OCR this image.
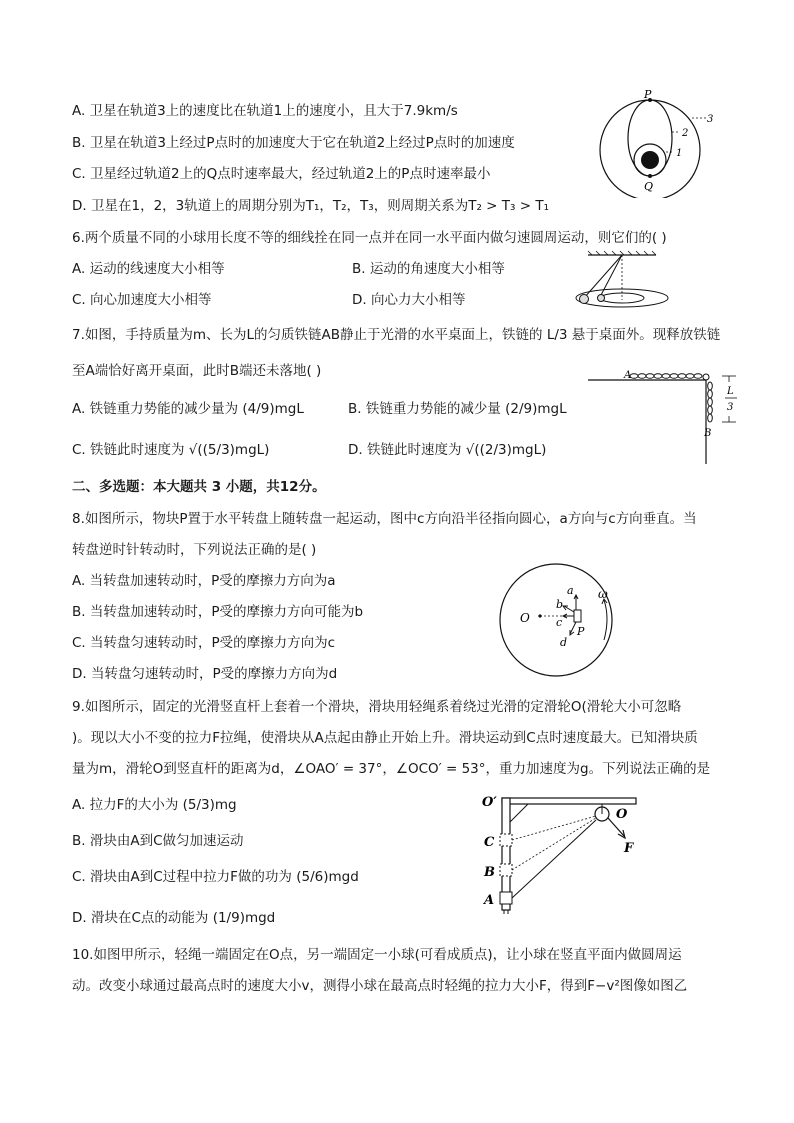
A. 卫星在轨道3上的速度比在轨道1上的速度小，且大于7.9km/s
B. 卫星在轨道3上经过P点时的加速度大于它在轨道2上经过P点时的加速度
C. 卫星经过轨道2上的Q点时速率最大，经过轨道2上的P点时速率最小
D. 卫星在1，2，3轨道上的周期分别为T₁，T₂，T₃，则周期关系为T₂ > T₃ > T₁
P
Q
1
2
3
6.两个质量不同的小球用长度不等的细线拴在同一点并在同一水平面内做匀速圆周运动，则它们的( )
A. 运动的线速度大小相等	B. 运动的角速度大小相等
C. 向心加速度大小相等	D. 向心力大小相等
7.如图，手持质量为m、长为L的匀质铁链AB静止于光滑的水平桌面上，铁链的 L/3 悬于桌面外。现释放铁链
至A端恰好离开桌面，此时B端还未落地( )
A. 铁链重力势能的减少量为 (4/9)mgL	B. 铁链重力势能的减少量 (2/9)mgL
C. 铁链此时速度为 √((5/3)mgL)	D. 铁链此时速度为 √((2/3)mgL)
A
B
L
3
二、多选题：本大题共 3 小题，共12分。
8.如图所示，物块P置于水平转盘上随转盘一起运动，图中c方向沿半径指向圆心，a方向与c方向垂直。当
转盘逆时针转动时，下列说法正确的是( )
A. 当转盘加速转动时，P受的摩擦力方向为a
B. 当转盘加速转动时，P受的摩擦力方向可能为b
C. 当转盘匀速转动时，P受的摩擦力方向为c
D. 当转盘匀速转动时，P受的摩擦力方向为d
O
a
b
c
d
P
ω
9.如图所示，固定的光滑竖直杆上套着一个滑块，滑块用轻绳系着绕过光滑的定滑轮O(滑轮大小可忽略
)。现以大小不变的拉力F拉绳，使滑块从A点起由静止开始上升。滑块运动到C点时速度最大。已知滑块质
量为m，滑轮O到竖直杆的距离为d，∠OAO′ = 37°，∠OCO′ = 53°，重力加速度为g。下列说法正确的是
A. 拉力F的大小为 (5/3)mg
B. 滑块由A到C做匀加速运动
C. 滑块由A到C过程中拉力F做的功为 (5/6)mgd
D. 滑块在C点的动能为 (1/9)mgd
O′
O
C
B
A
F
10.如图甲所示，轻绳一端固定在O点，另一端固定一小球(可看成质点)，让小球在竖直平面内做圆周运
动。改变小球通过最高点时的速度大小v，测得小球在最高点时轻绳的拉力大小F，得到F−v²图像如图乙
